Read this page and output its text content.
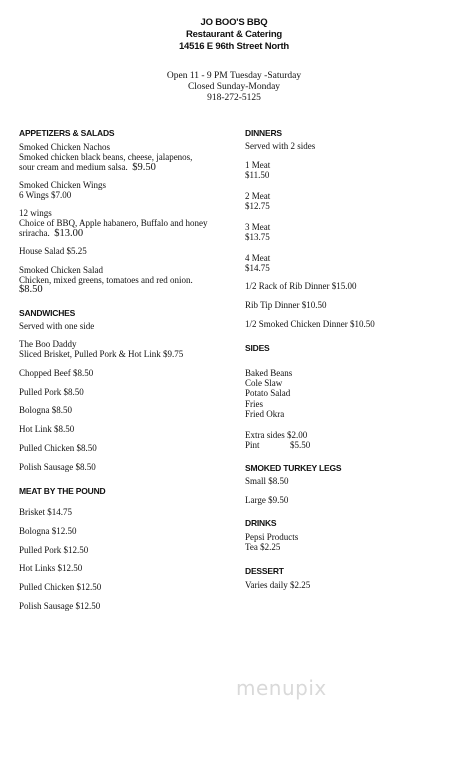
JO BOO'S BBQ
Restaurant & Catering
14516 E 96th Street North
Open 11 - 9 PM Tuesday -Saturday
Closed Sunday-Monday
918-272-5125
APPETIZERS & SALADS
Smoked Chicken Nachos
Smoked chicken black beans, cheese, jalapenos,
sour cream and medium salsa. $9.50
Smoked Chicken Wings
6 Wings $7.00
12 wings
Choice of BBQ, Apple habanero, Buffalo and honey
sriracha. $13.00
House Salad $5.25
Smoked Chicken Salad
Chicken, mixed greens, tomatoes and red onion.
$8.50
SANDWICHES
Served with one side
The Boo Daddy
Sliced Brisket, Pulled Pork & Hot Link $9.75
Chopped Beef $8.50
Pulled Pork $8.50
Bologna $8.50
Hot Link $8.50
Pulled Chicken $8.50
Polish Sausage $8.50
MEAT BY THE POUND
Brisket $14.75
Bologna $12.50
Pulled Pork $12.50
Hot Links $12.50
Pulled Chicken $12.50
Polish Sausage $12.50
DINNERS
Served with 2 sides
1 Meat
$11.50
2 Meat
$12.75
3 Meat
$13.75
4 Meat
$14.75
1/2 Rack of Rib Dinner $15.00
Rib Tip Dinner $10.50
1/2 Smoked Chicken Dinner $10.50
SIDES
Baked Beans
Cole Slaw
Potato Salad
Fries
Fried Okra
Extra sides $2.00
Pint	$5.50
SMOKED TURKEY LEGS
Small $8.50
Large $9.50
DRINKS
Pepsi Products
Tea $2.25
DESSERT
Varies daily $2.25
menupix
